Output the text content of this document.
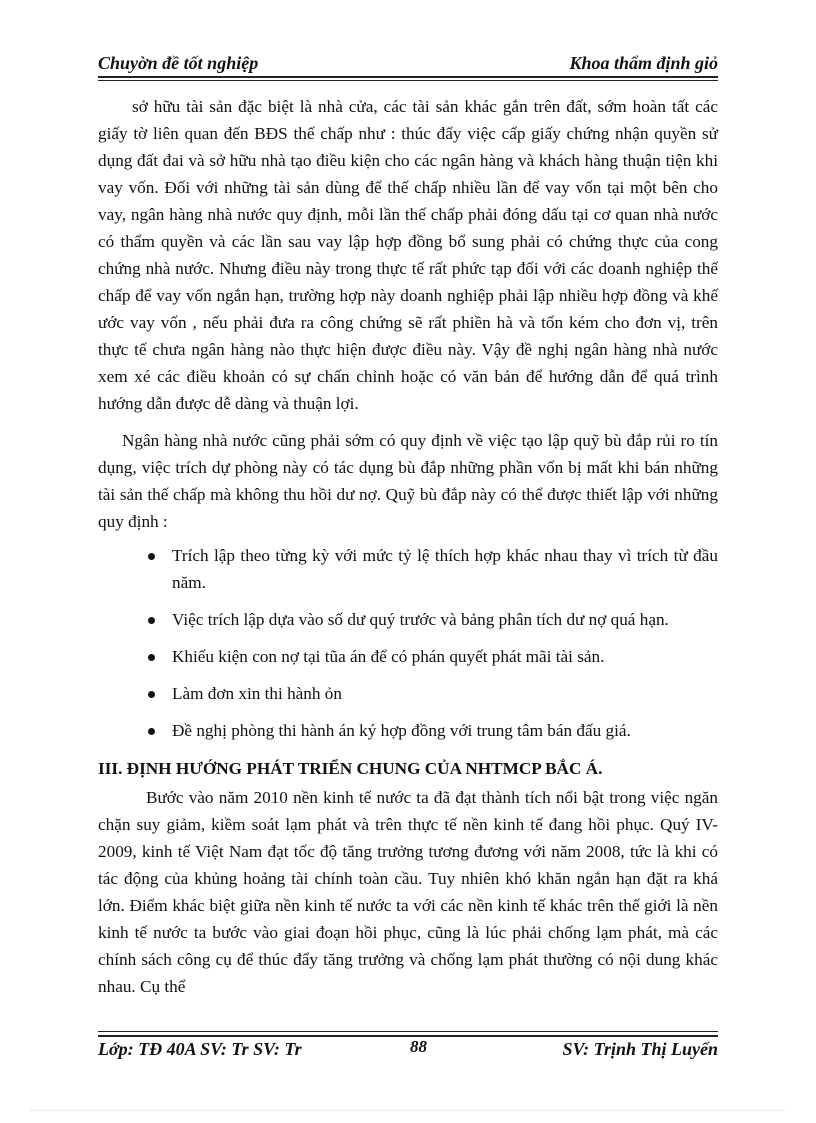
Chuyờn đề tốt nghiệp	Khoa thẩm định giỏ

sở hữu tài sản đặc biệt là nhà cửa, các tài sản khác gắn trên đất, sớm hoàn tất các giấy tờ liên quan đến BĐS thế chấp như : thúc đẩy việc cấp giấy chứng nhận quyền sử dụng đất đai và sở hữu nhà tạo điều kiện cho các ngân hàng và khách hàng thuận tiện khi vay vốn. Đối với những tài sản dùng để thế chấp nhiều lần để vay vốn tại một bên cho vay, ngân hàng nhà nước quy định, mỗi lần thế chấp phải đóng dấu tại cơ quan nhà nước có thẩm quyền và các lần sau vay lập hợp đồng bổ sung phải có chứng thực của cong chứng nhà nước. Nhưng điều này trong thực tế rất phức tạp đối với các doanh nghiệp thế chấp để vay vốn ngắn hạn, trường hợp này doanh nghiệp phải lập nhiều hợp đồng và khế ước vay vốn , nếu phải đưa ra công chứng sẽ rất phiền hà và tốn kém cho đơn vị, trên thực tế chưa ngân hàng nào thực hiện được điều này. Vậy đề nghị ngân hàng nhà nước xem xé các điều khoản có sự chấn chỉnh hoặc có văn bản để hướng dẫn để quá trình hướng dẫn được dễ dàng và thuận lợi.

Ngân hàng nhà nước cũng phải sớm có quy định về việc tạo lập quỹ bù đắp rủi ro tín dụng, việc trích dự phòng này có tác dụng bù đắp những phần vốn bị mất khi bán những tài sản thế chấp mà không thu hồi dư nợ. Quỹ bù đắp này có thể được thiết lập với những quy định :

Trích lập theo từng kỳ với mức tỷ lệ thích hợp khác nhau thay vì trích từ đầu năm.
Việc trích lập dựa vào số dư quý trước và bảng phân tích dư nợ quá hạn.
Khiếu kiện con nợ tại tũa án để có phán quyết phát mãi tài sản.
Làm đơn xin thi hành ỏn
Đề nghị phòng thi hành án ký hợp đồng với trung tâm bán đấu giá.
III. ĐỊNH HƯỚNG PHÁT TRIỂN CHUNG CỦA NHTMCP BẮC Á.

Bước vào năm 2010 nền kinh tế nước ta đã đạt thành tích nổi bật trong việc ngăn chặn suy giảm, kiềm soát lạm phát và trên thực tế nền kinh tế đang hồi phục. Quý IV- 2009, kinh tế Việt Nam đạt tốc độ tăng trưởng tương đương với năm 2008, tức là khi có tác động của khủng hoảng tài chính toàn cầu. Tuy nhiên khó khăn ngắn hạn đặt ra khá lớn. Điểm khác biệt giữa nền kinh tế nước ta với các nền kinh tế khác trên thế giới là nền kinh tế nước ta bước vào giai đoạn hồi phục, cũng là lúc phải chống lạm phát, mà các chính sách công cụ để thúc đẩy tăng trưởng và chống lạm phát thường có nội dung khác nhau. Cụ thể

Lớp: TĐ 40A SV: Tr SV: Tr	88	SV: Trịnh Thị Luyến
